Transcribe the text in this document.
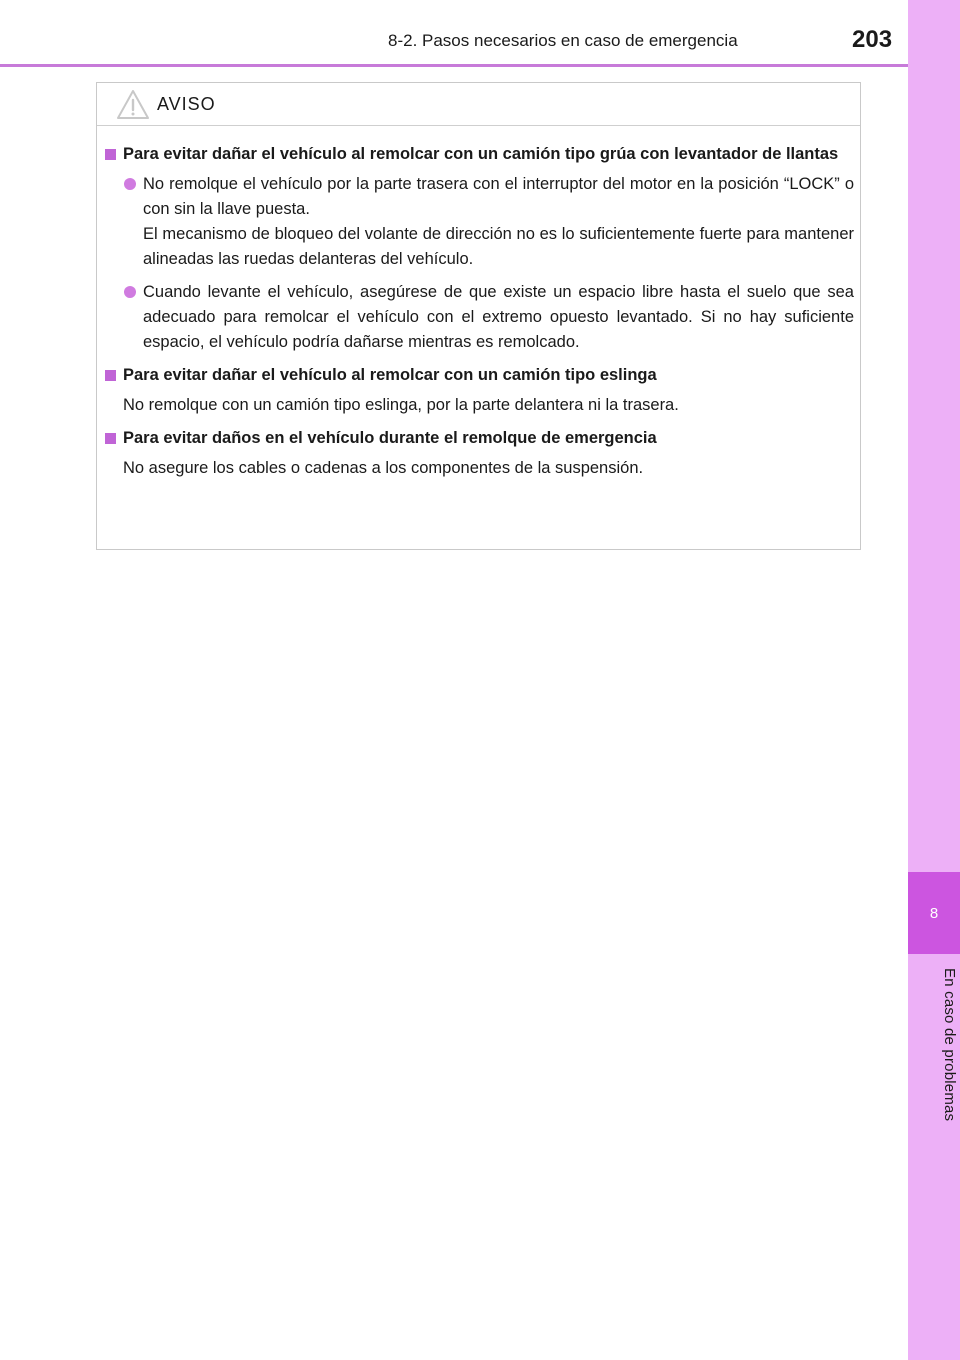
8-2. Pasos necesarios en caso de emergencia	203
8
En caso de problemas
AVISO
Para evitar dañar el vehículo al remolcar con un camión tipo grúa con levantador de llantas
No remolque el vehículo por la parte trasera con el interruptor del motor en la posición “LOCK” o con sin la llave puesta.
El mecanismo de bloqueo del volante de dirección no es lo suficientemente fuerte para mantener alineadas las ruedas delanteras del vehículo.
Cuando levante el vehículo, asegúrese de que existe un espacio libre hasta el suelo que sea adecuado para remolcar el vehículo con el extremo opuesto levantado. Si no hay suficiente espacio, el vehículo podría dañarse mientras es remolcado.
Para evitar dañar el vehículo al remolcar con un camión tipo eslinga
No remolque con un camión tipo eslinga, por la parte delantera ni la trasera.
Para evitar daños en el vehículo durante el remolque de emergencia
No asegure los cables o cadenas a los componentes de la suspensión.
